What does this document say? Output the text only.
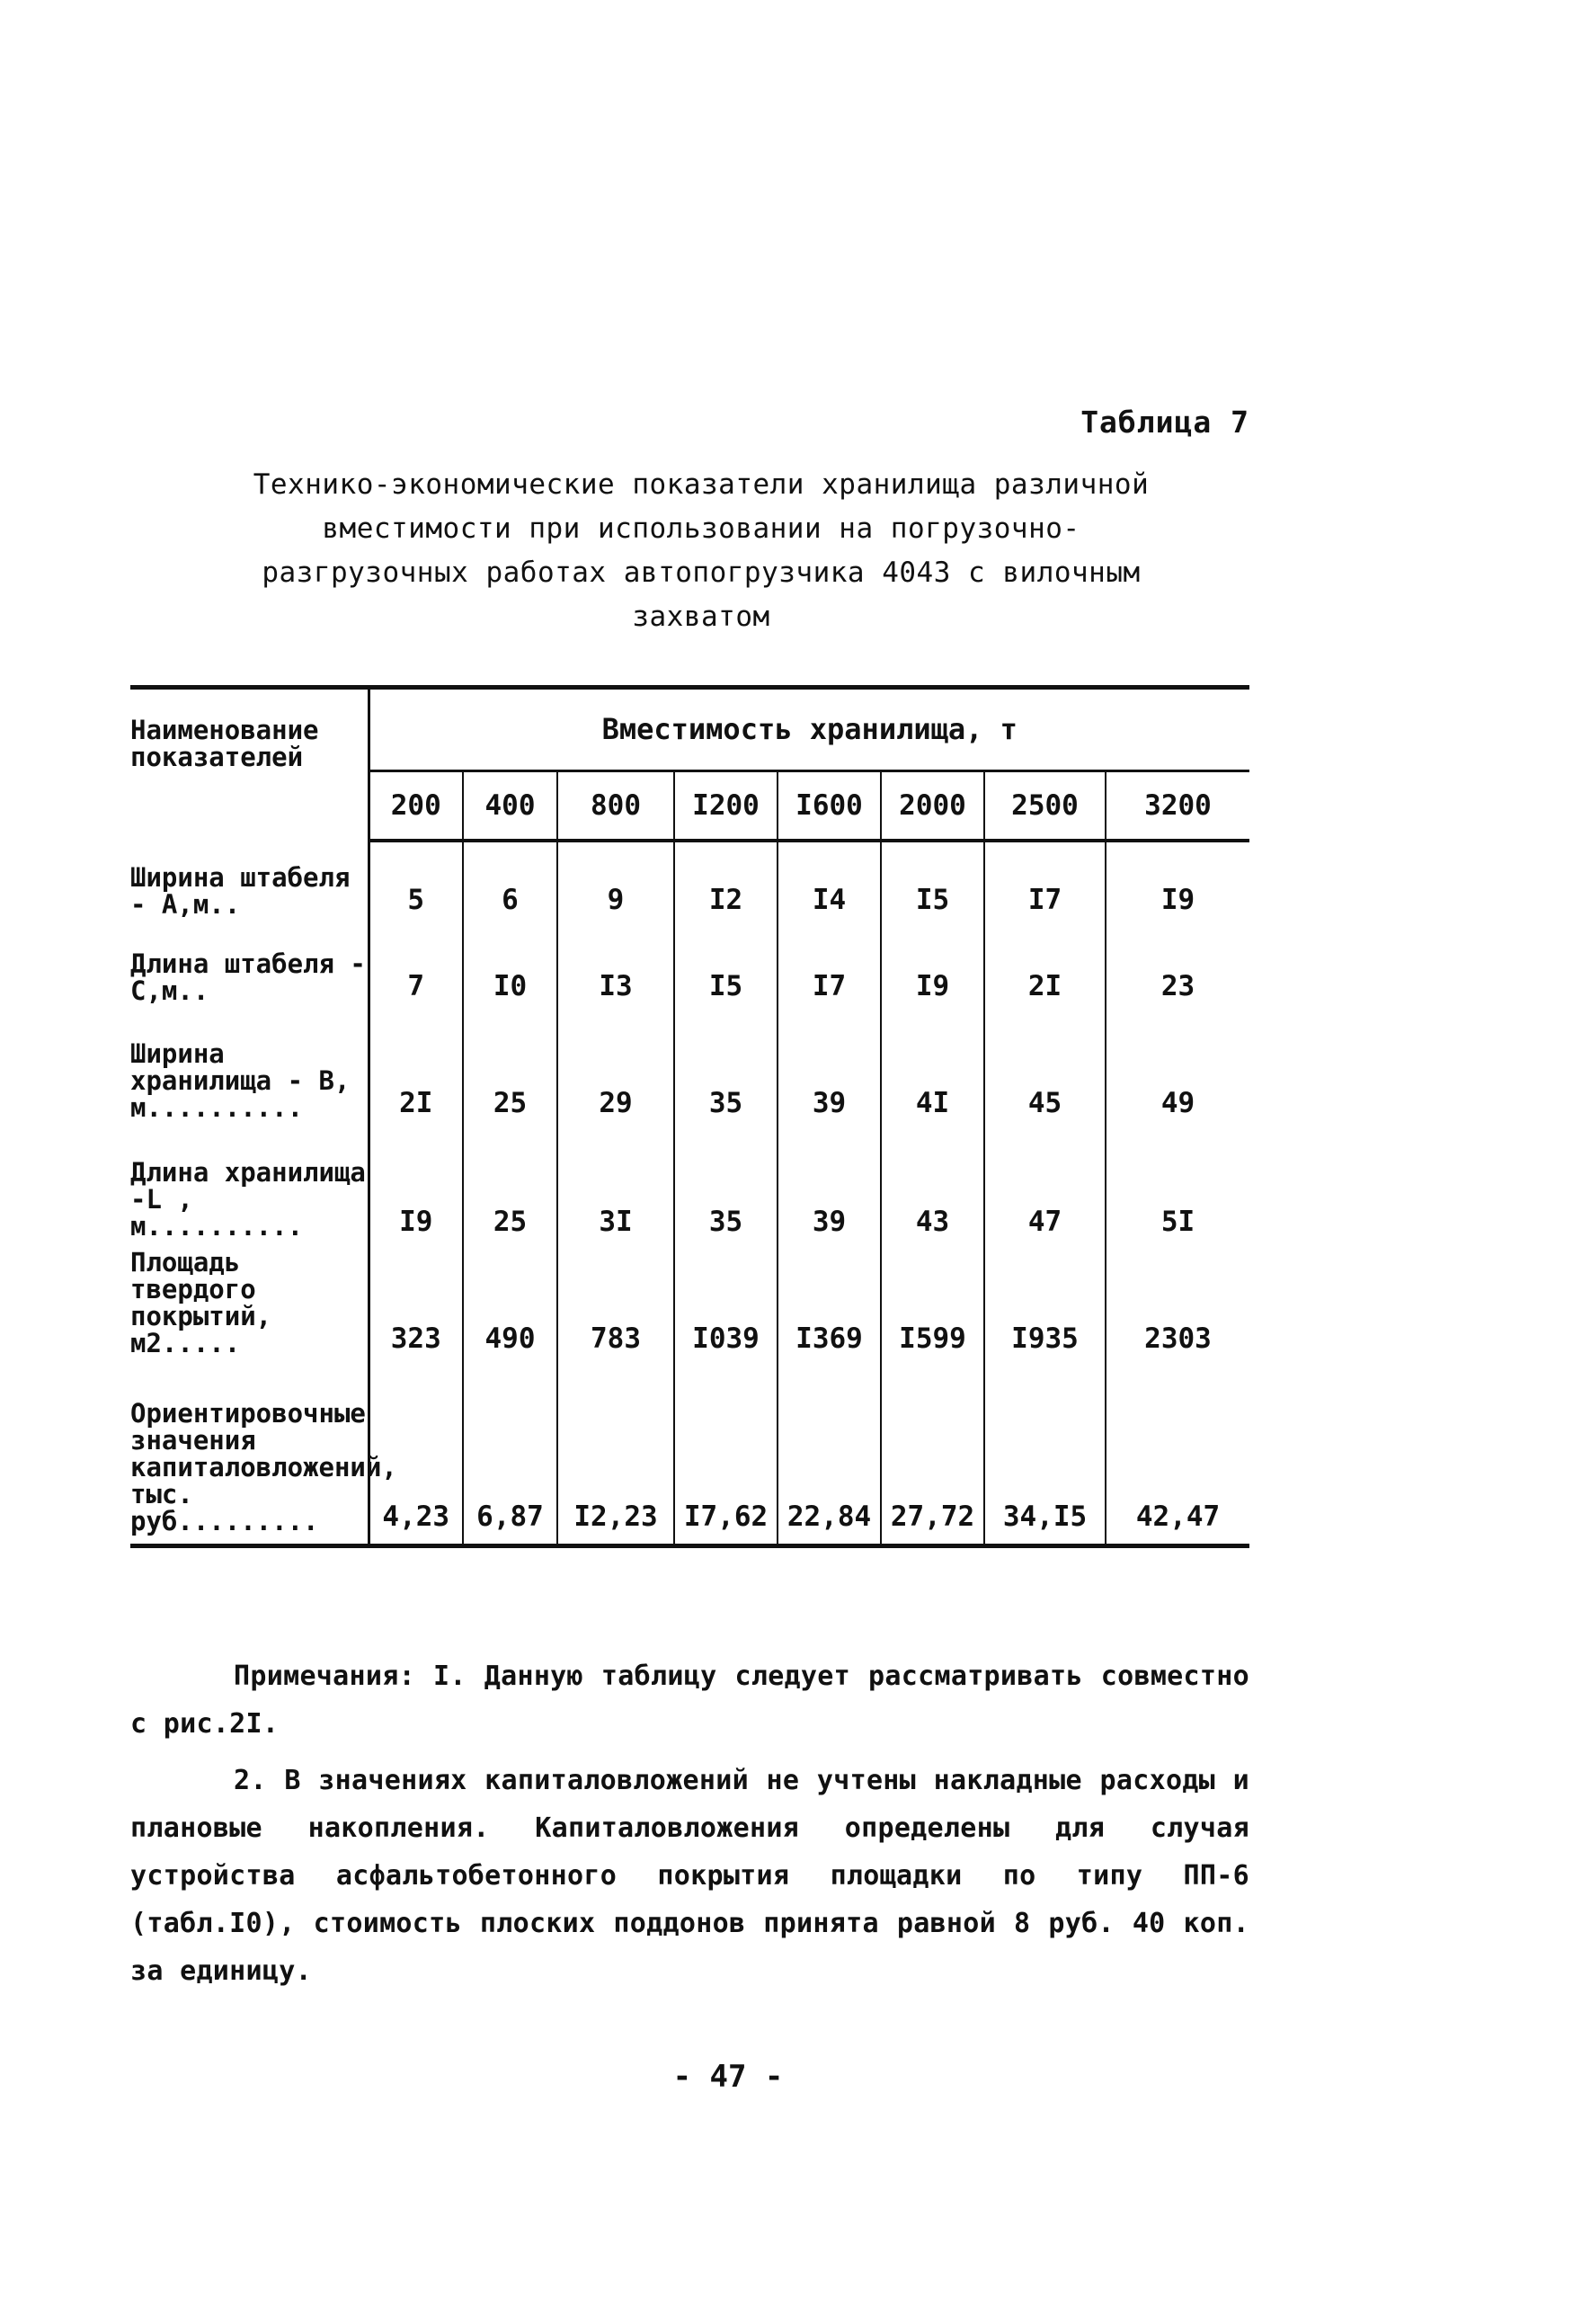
Таблица 7
Технико-экономические показатели хранилища различной вместимости при использовании на погрузочно-разгрузочных работах автопогрузчика 4043 с вилочным захватом
Наименование показателей	Вместимость хранилища, т							
	200	400	800	I200	I600	2000	2500	3200
Ширина штабеля - А,м..	5	6	9	I2	I4	I5	I7	I9
Длина штабеля - С,м..	7	I0	I3	I5	I7	I9	2I	23
Ширина хранилища - В, м..........	2I	25	29	35	39	4I	45	49
Длина хранилища -L , м..........	I9	25	3I	35	39	43	47	5I
Площадь твердого покрытий, м2.....	323	490	783	I039	I369	I599	I935	2303
Ориентировочные значения капиталовложений, тыс. руб.........	4,23	6,87	I2,23	I7,62	22,84	27,72	34,I5	42,47

Примечания: I. Данную таблицу следует рассматривать совместно с рис.2I.

2. В значениях капиталовложений не учтены накладные расходы и плановые накопления. Капиталовложения определены для случая устройства асфальтобетонного покрытия площадки по типу ПП-6 (табл.I0), стоимость плоских поддонов принята равной 8 руб. 40 коп. за единицу.

- 47 -
